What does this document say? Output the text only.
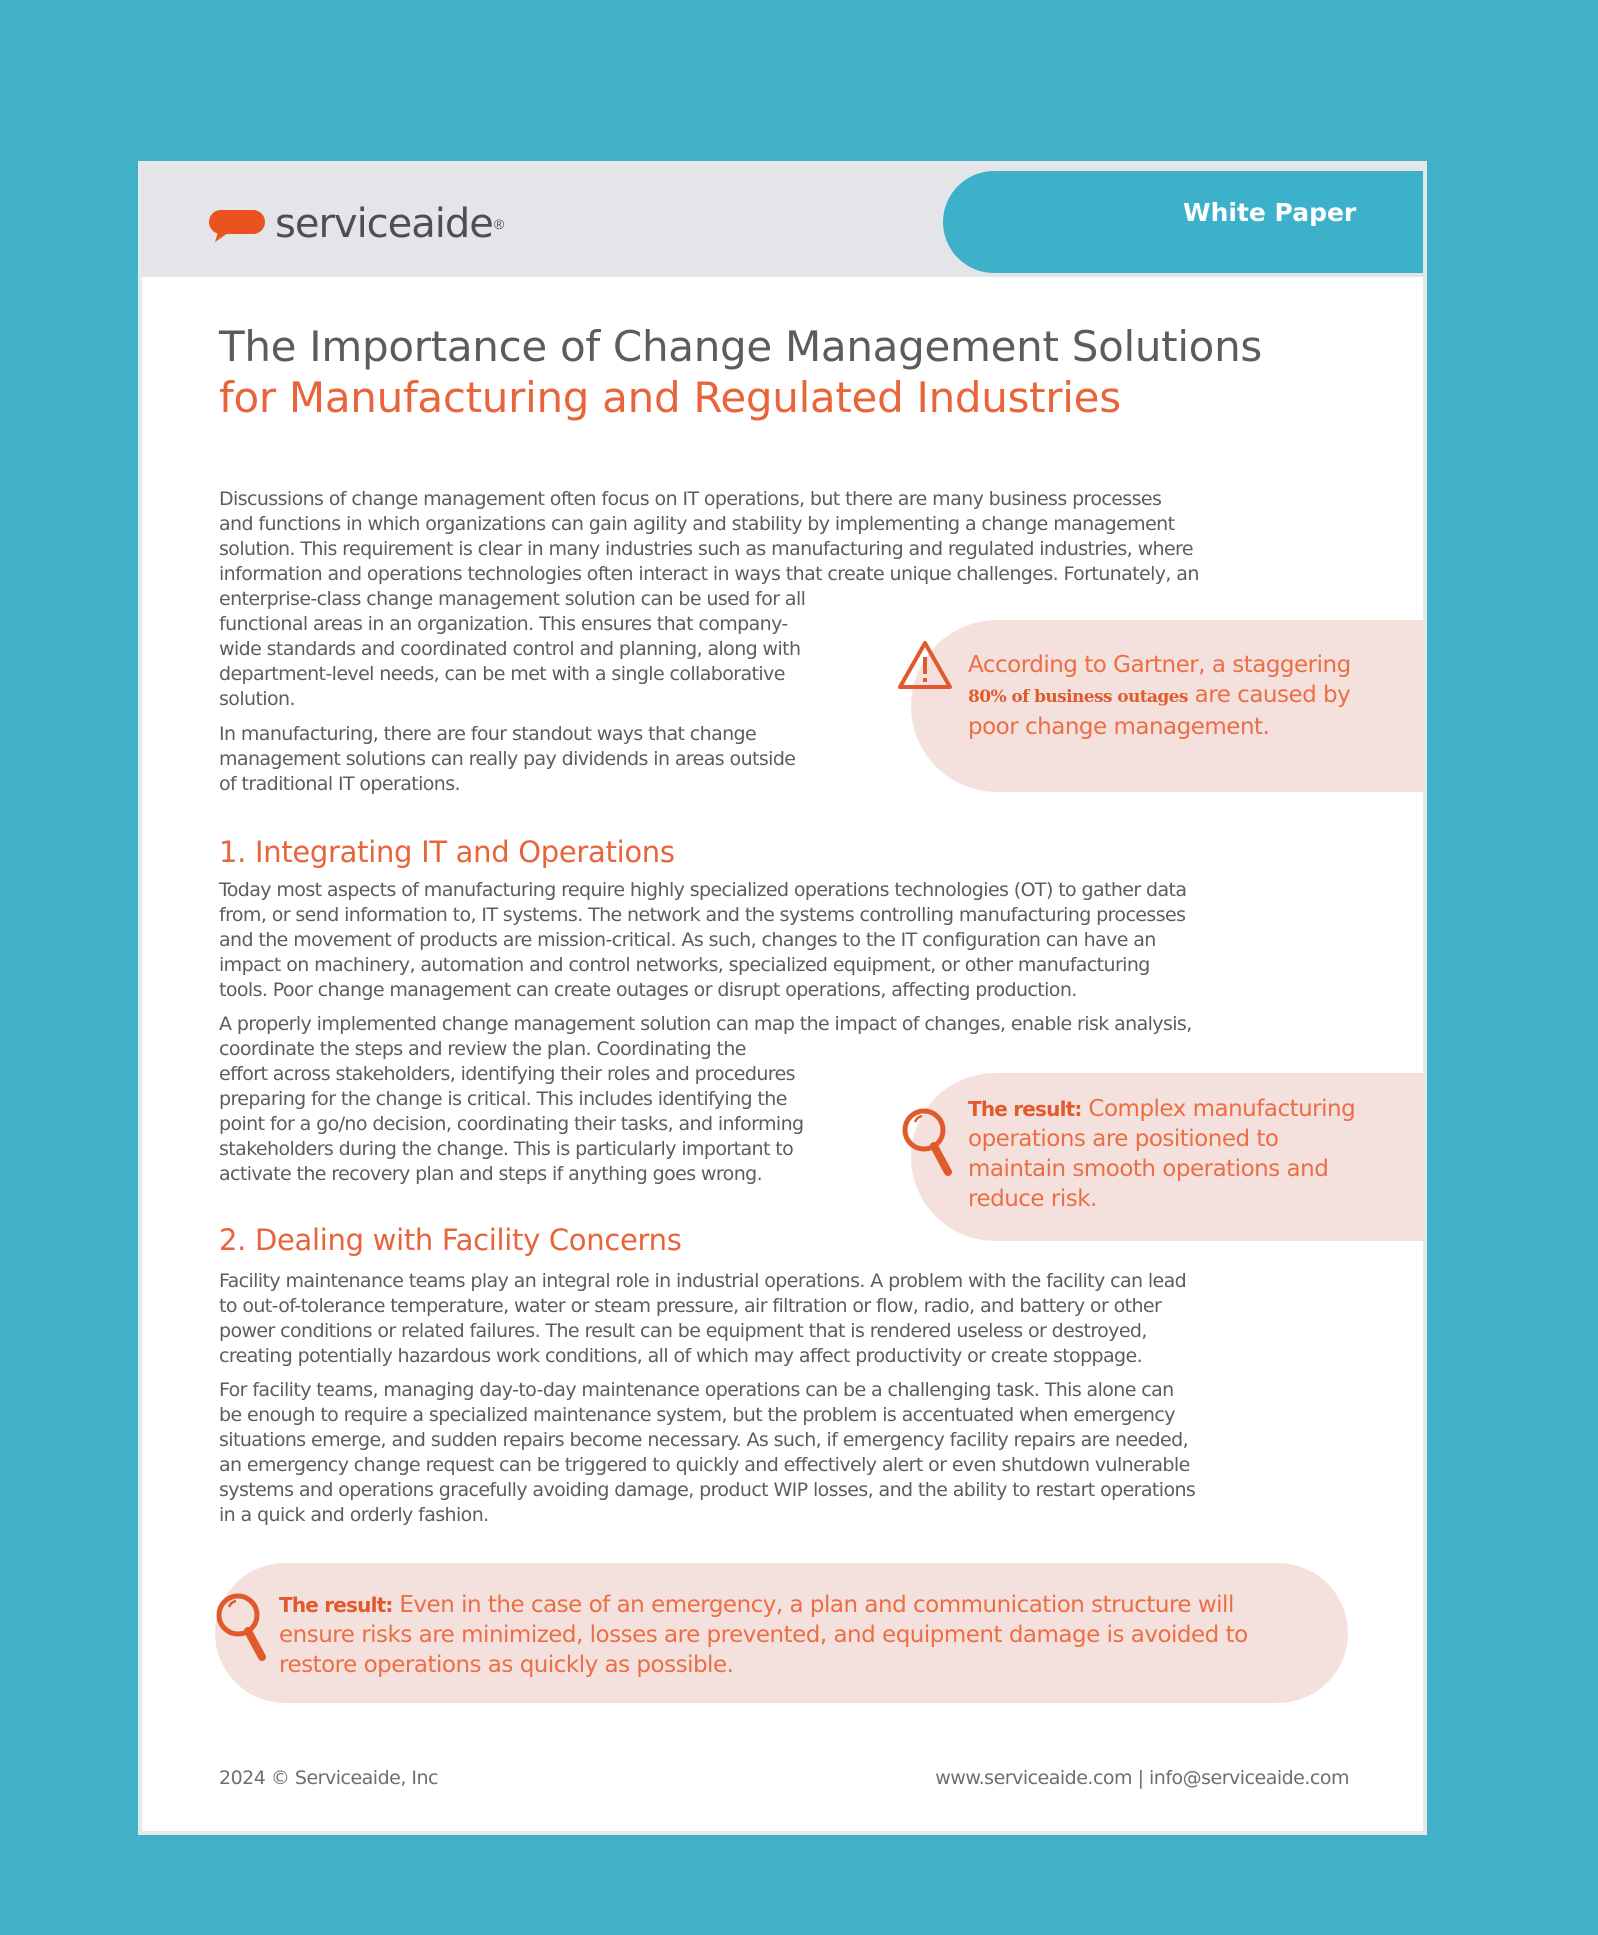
serviceaide ®	White Paper
The Importance of Change Management Solutions
for Manufacturing and Regulated Industries
Discussions of change management often focus on IT operations, but there are many business processes
and functions in which organizations can gain agility and stability by implementing a change management
solution. This requirement is clear in many industries such as manufacturing and regulated industries, where
information and operations technologies often interact in ways that create unique challenges. Fortunately, an
enterprise-class change management solution can be used for all
functional areas in an organization. This ensures that company-
wide standards and coordinated control and planning, along with
department-level needs, can be met with a single collaborative
solution.
In manufacturing, there are four standout ways that change
management solutions can really pay dividends in areas outside
of traditional IT operations.
According to Gartner, a staggering
80% of business outages are caused by
poor change management.
1. Integrating IT and Operations
Today most aspects of manufacturing require highly specialized operations technologies (OT) to gather data
from, or send information to, IT systems. The network and the systems controlling manufacturing processes
and the movement of products are mission-critical. As such, changes to the IT configuration can have an
impact on machinery, automation and control networks, specialized equipment, or other manufacturing
tools. Poor change management can create outages or disrupt operations, affecting production.
A properly implemented change management solution can map the impact of changes, enable risk analysis,
coordinate the steps and review the plan. Coordinating the
effort across stakeholders, identifying their roles and procedures
preparing for the change is critical. This includes identifying the
point for a go/no decision, coordinating their tasks, and informing
stakeholders during the change. This is particularly important to
activate the recovery plan and steps if anything goes wrong.
The result: Complex manufacturing
operations are positioned to
maintain smooth operations and
reduce risk.
2. Dealing with Facility Concerns
Facility maintenance teams play an integral role in industrial operations. A problem with the facility can lead
to out-of-tolerance temperature, water or steam pressure, air filtration or flow, radio, and battery or other
power conditions or related failures. The result can be equipment that is rendered useless or destroyed,
creating potentially hazardous work conditions, all of which may affect productivity or create stoppage.
For facility teams, managing day-to-day maintenance operations can be a challenging task. This alone can
be enough to require a specialized maintenance system, but the problem is accentuated when emergency
situations emerge, and sudden repairs become necessary. As such, if emergency facility repairs are needed,
an emergency change request can be triggered to quickly and effectively alert or even shutdown vulnerable
systems and operations gracefully avoiding damage, product WIP losses, and the ability to restart operations
in a quick and orderly fashion.
The result: Even in the case of an emergency, a plan and communication structure will
ensure risks are minimized, losses are prevented, and equipment damage is avoided to
restore operations as quickly as possible.
2024 © Serviceaide, Inc	www.serviceaide.com | info@serviceaide.com
